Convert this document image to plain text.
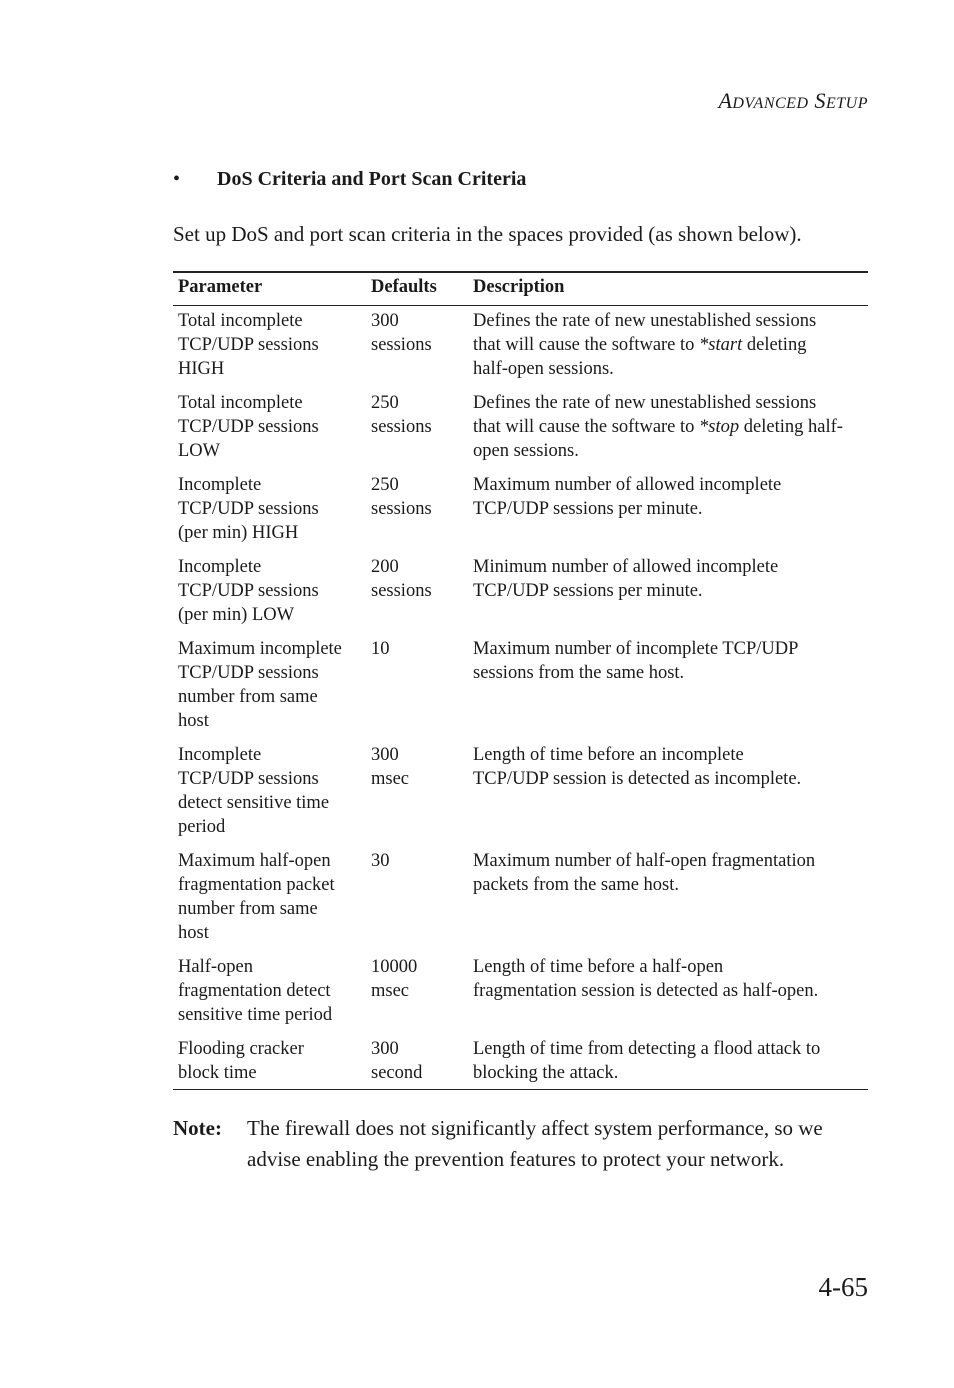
ADVANCED SETUP
• DoS Criteria and Port Scan Criteria
Set up DoS and port scan criteria in the spaces provided (as shown below).
Parameter	Defaults	Description

Total incomplete
TCP/UDP sessions
HIGH	300
sessions	Defines the rate of new unestablished sessions
that will cause the software to *start deleting
half-open sessions.

Total incomplete
TCP/UDP sessions
LOW	250
sessions	Defines the rate of new unestablished sessions
that will cause the software to *stop deleting half-
open sessions.

Incomplete
TCP/UDP sessions
(per min) HIGH	250
sessions	Maximum number of allowed incomplete
TCP/UDP sessions per minute.

Incomplete
TCP/UDP sessions
(per min) LOW	200
sessions	Minimum number of allowed incomplete
TCP/UDP sessions per minute.

Maximum incomplete
TCP/UDP sessions
number from same
host	10	Maximum number of incomplete TCP/UDP
sessions from the same host.

Incomplete
TCP/UDP sessions
detect sensitive time
period	300
msec	Length of time before an incomplete
TCP/UDP session is detected as incomplete.

Maximum half-open
fragmentation packet
number from same
host	30	Maximum number of half-open fragmentation
packets from the same host.

Half-open
fragmentation detect
sensitive time period	10000
msec	Length of time before a half-open
fragmentation session is detected as half-open.

Flooding cracker
block time	300
second	Length of time from detecting a flood attack to
blocking the attack.
Note: The firewall does not significantly affect system performance, so we advise enabling the prevention features to protect your network.
4-65
